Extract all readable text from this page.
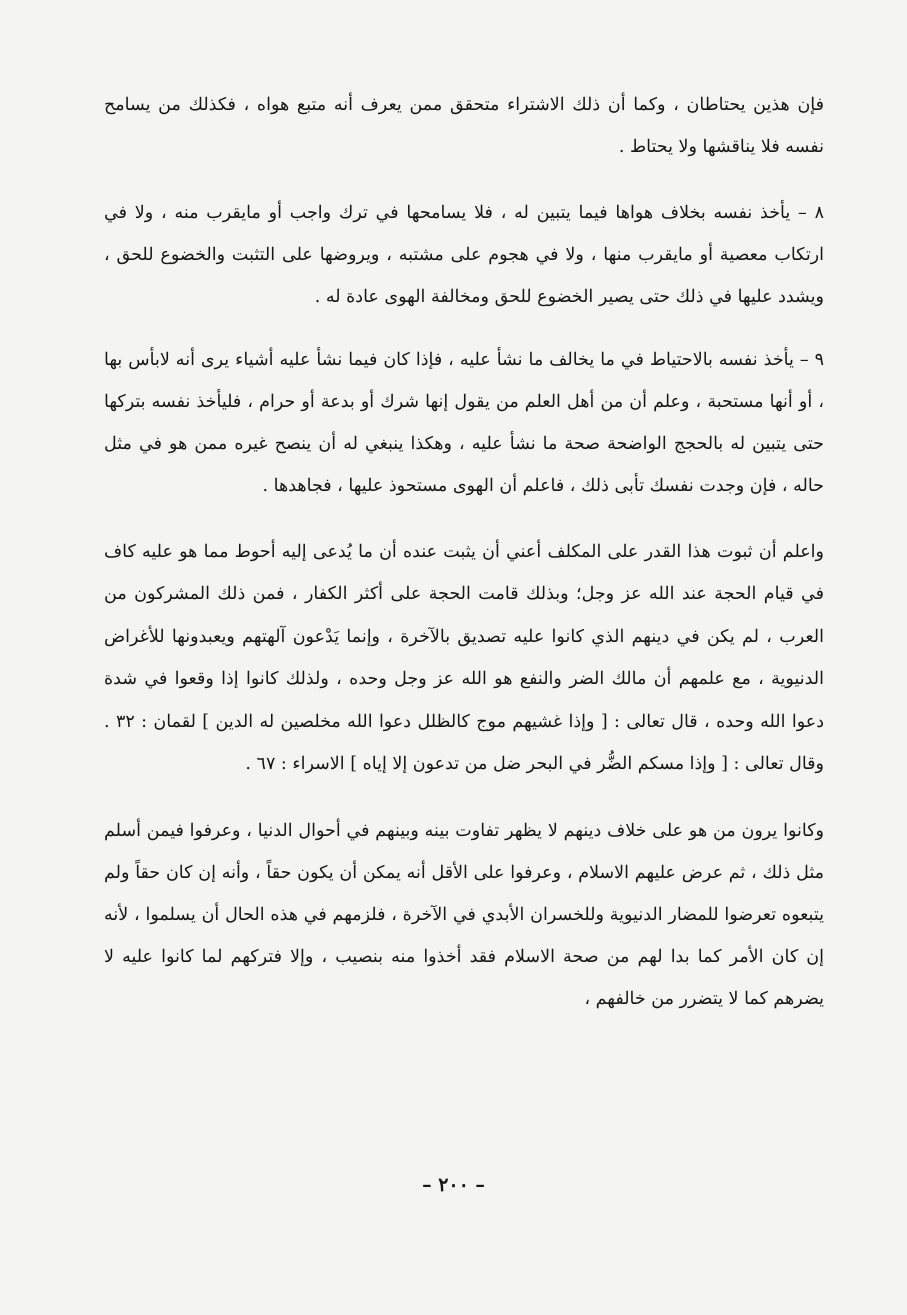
فإن هذين يحتاطان ، وكما أن ذلك الاشتراء متحقق ممن يعرف أنه متبع هواه ، فكذلك من يسامح نفسه فلا يناقشها ولا يحتاط .

٨ – يأخذ نفسه بخلاف هواها فيما يتبين له ، فلا يسامحها في ترك واجب أو مايقرب منه ، ولا في ارتكاب معصية أو مايقرب منها ، ولا في هجوم على مشتبه ، ويروضها على التثبت والخضوع للحق ، ويشدد عليها في ذلك حتى يصير الخضوع للحق ومخالفة الهوى عادة له .

٩ – يأخذ نفسه بالاحتياط في ما يخالف ما نشأ عليه ، فإذا كان فيما نشأ عليه أشياء يرى أنه لابأس بها ، أو أنها مستحبة ، وعلم أن من أهل العلم من يقول إنها شرك أو بدعة أو حرام ، فليأخذ نفسه بتركها حتى يتبين له بالحجج الواضحة صحة ما نشأ عليه ، وهكذا ينبغي له أن ينصح غيره ممن هو في مثل حاله ، فإن وجدت نفسك تأبى ذلك ، فاعلم أن الهوى مستحوذ عليها ، فجاهدها .

واعلم أن ثبوت هذا القدر على المكلف أعني أن يثبت عنده أن ما يُدعى إليه أحوط مما هو عليه كاف في قيام الحجة عند الله عز وجل؛ وبذلك قامت الحجة على أكثر الكفار ، فمن ذلك المشركون من العرب ، لم يكن في دينهم الذي كانوا عليه تصديق بالآخرة ، وإنما يَدْعون آلهتهم ويعبدونها للأغراض الدنيوية ، مع علمهم أن مالك الضر والنفع هو الله عز وجل وحده ، ولذلك كانوا إذا وقعوا في شدة دعوا الله وحده ، قال تعالى : [ وإذا غشيهم موج كالظلل دعوا الله مخلصين له الدين ] لقمان : ٣٢ . وقال تعالى : [ وإذا مسكم الضُّر في البحر ضل من تدعون إلا إياه ] الاسراء : ٦٧ .

وكانوا يرون من هو على خلاف دينهم لا يظهر تفاوت بينه وبينهم في أحوال الدنيا ، وعرفوا فيمن أسلم مثل ذلك ، ثم عرض عليهم الاسلام ، وعرفوا على الأقل أنه يمكن أن يكون حقاً ، وأنه إن كان حقاً ولم يتبعوه تعرضوا للمضار الدنيوية وللخسران الأبدي في الآخرة ، فلزمهم في هذه الحال أن يسلموا ، لأنه إن كان الأمر كما بدا لهم من صحة الاسلام فقد أخذوا منه بنصيب ، وإلا فتركهم لما كانوا عليه لا يضرهم كما لا يتضرر من خالفهم ،

– ٢٠٠ –
